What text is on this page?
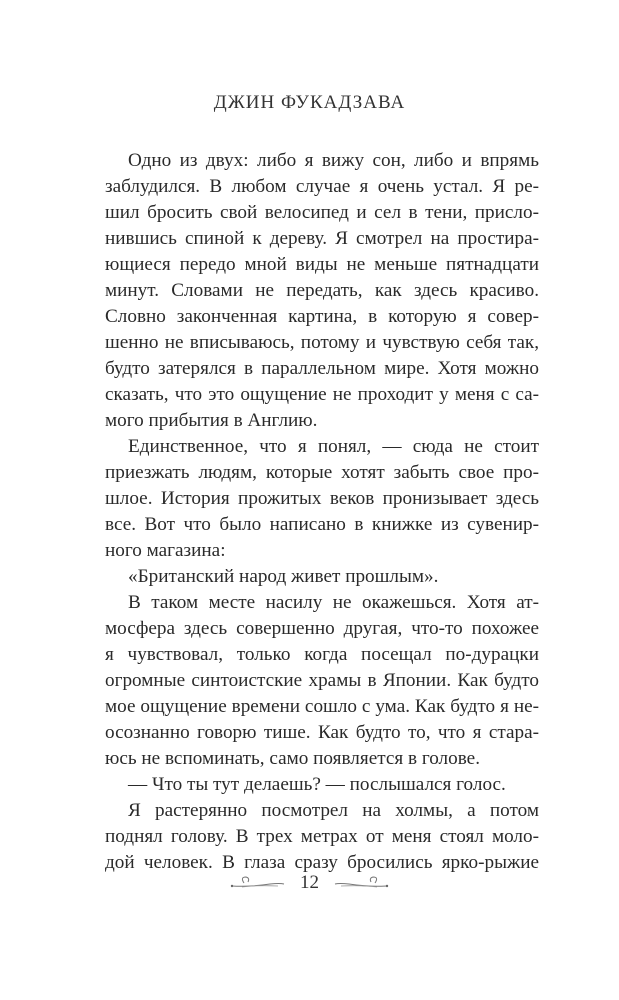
ДЖИН ФУКАДЗАВА
Одно из двух: либо я вижу сон, либо и впрямь
заблудился. В любом случае я очень устал. Я ре-
шил бросить свой велосипед и сел в тени, присло-
нившись спиной к дереву. Я смотрел на простира-
ющиеся передо мной виды не меньше пятнадцати
минут. Словами не передать, как здесь красиво.
Словно законченная картина, в которую я совер-
шенно не вписываюсь, потому и чувствую себя так,
будто затерялся в параллельном мире. Хотя можно
сказать, что это ощущение не проходит у меня с са-
мого прибытия в Англию.
Единственное, что я понял, — сюда не стоит
приезжать людям, которые хотят забыть свое про-
шлое. История прожитых веков пронизывает здесь
все. Вот что было написано в книжке из сувенир-
ного магазина:
«Британский народ живет прошлым».
В таком месте насилу не окажешься. Хотя ат-
мосфера здесь совершенно другая, что-то похожее
я чувствовал, только когда посещал по-дурацки
огромные синтоистские храмы в Японии. Как будто
мое ощущение времени сошло с ума. Как будто я не-
осознанно говорю тише. Как будто то, что я стара-
юсь не вспоминать, само появляется в голове.
— Что ты тут делаешь? — послышался голос.
Я растерянно посмотрел на холмы, а потом
поднял голову. В трех метрах от меня стоял моло-
дой человек. В глаза сразу бросились ярко-рыжие
12
